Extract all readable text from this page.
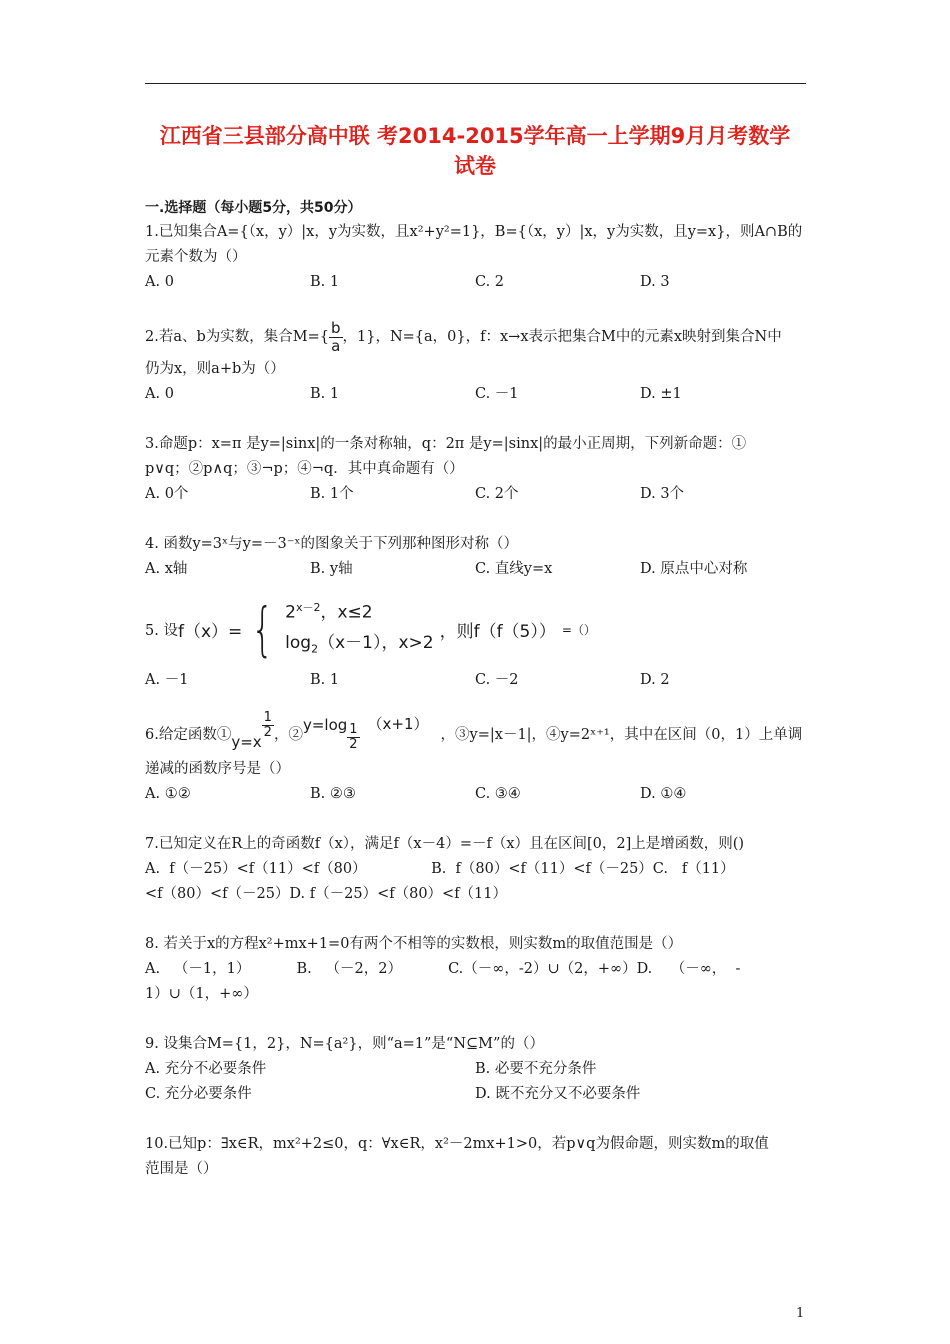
江西省三县部分高中联 考2014-2015学年高一上学期9月月考数学
试卷
一.选择题（每小题5分，共50分）
1.已知集合A={（x，y）|x，y为实数，且x²+y²=1}，B={（x，y）|x，y为实数，且y=x}，则A∩B的
元素个数为（）
A. 0	B. 1	C. 2	D. 3
2.若a、b为实数，集合$M=\{ \frac{b}{a}$ ，1}，N={a，0}，f：x→x表示把集合M中的元素x映射到集合N中
仍为x，则a+b为（）
A. 0	B. 1	C. －1	D. ±1
3.命题p：x=π 是y=|sinx|的一条对称轴，q：2π 是y=|sinx|的最小正周期，下列新命题：①
p∨q；②p∧q；③¬p；④¬q．其中真命题有（）
A. 0个	B. 1个	C. 2个	D. 3个
4. 函数y=3ˣ与y=－3⁻ˣ的图象关于下列那种图形对称（）
A. x轴	B. y轴	C. 直线y=x	D. 原点中心对称
5. 设 f（x）= { $2^{x-2}$，x≤2
$\log_2(x-1)$，x>2
，则f（f（5）） =（）
A. －1	B. 1	C. －2	D. 2
6.给定函数① y=x
$\frac{1}{2}$ ，②
$y=\log \frac{1}{2} (x+1)$
，③y=|x－1|，④y=2ˣ⁺¹，其中在区间（0，1）上单调
递减的函数序号是（）
A. ①②	B. ②③	C. ③④	D. ①④
7.已知定义在R上的奇函数f（x），满足f（x－4）=－f（x）且在区间[0，2]上是增函数，则()
A.  f（－25）<f（11）<f（80）              B.  f（80）<f（11）<f（－25）C.   f（11）
<f（80）<f（－25）D. f（－25）<f（80）<f（11）
8. 若关于x的方程x²+mx+1=0有两个不相等的实数根，则实数m的取值范围是（）
A.   （－1，1）          B.   （－2，2）          C.（－∞，-2）∪（2，+∞）D.    （－∞，  -
1）∪（1，+∞）
9. 设集合M={1，2}，N={a²}，则“a=1”是“N⊆M”的（）
A. 充分不必要条件	B. 必要不充分条件
C. 充分必要条件	D. 既不充分又不必要条件
10.已知p：∃x∈R，mx²+2≤0，q：∀x∈R，x²－2mx+1>0，若p∨q为假命题，则实数m的取值
范围是（）
1
